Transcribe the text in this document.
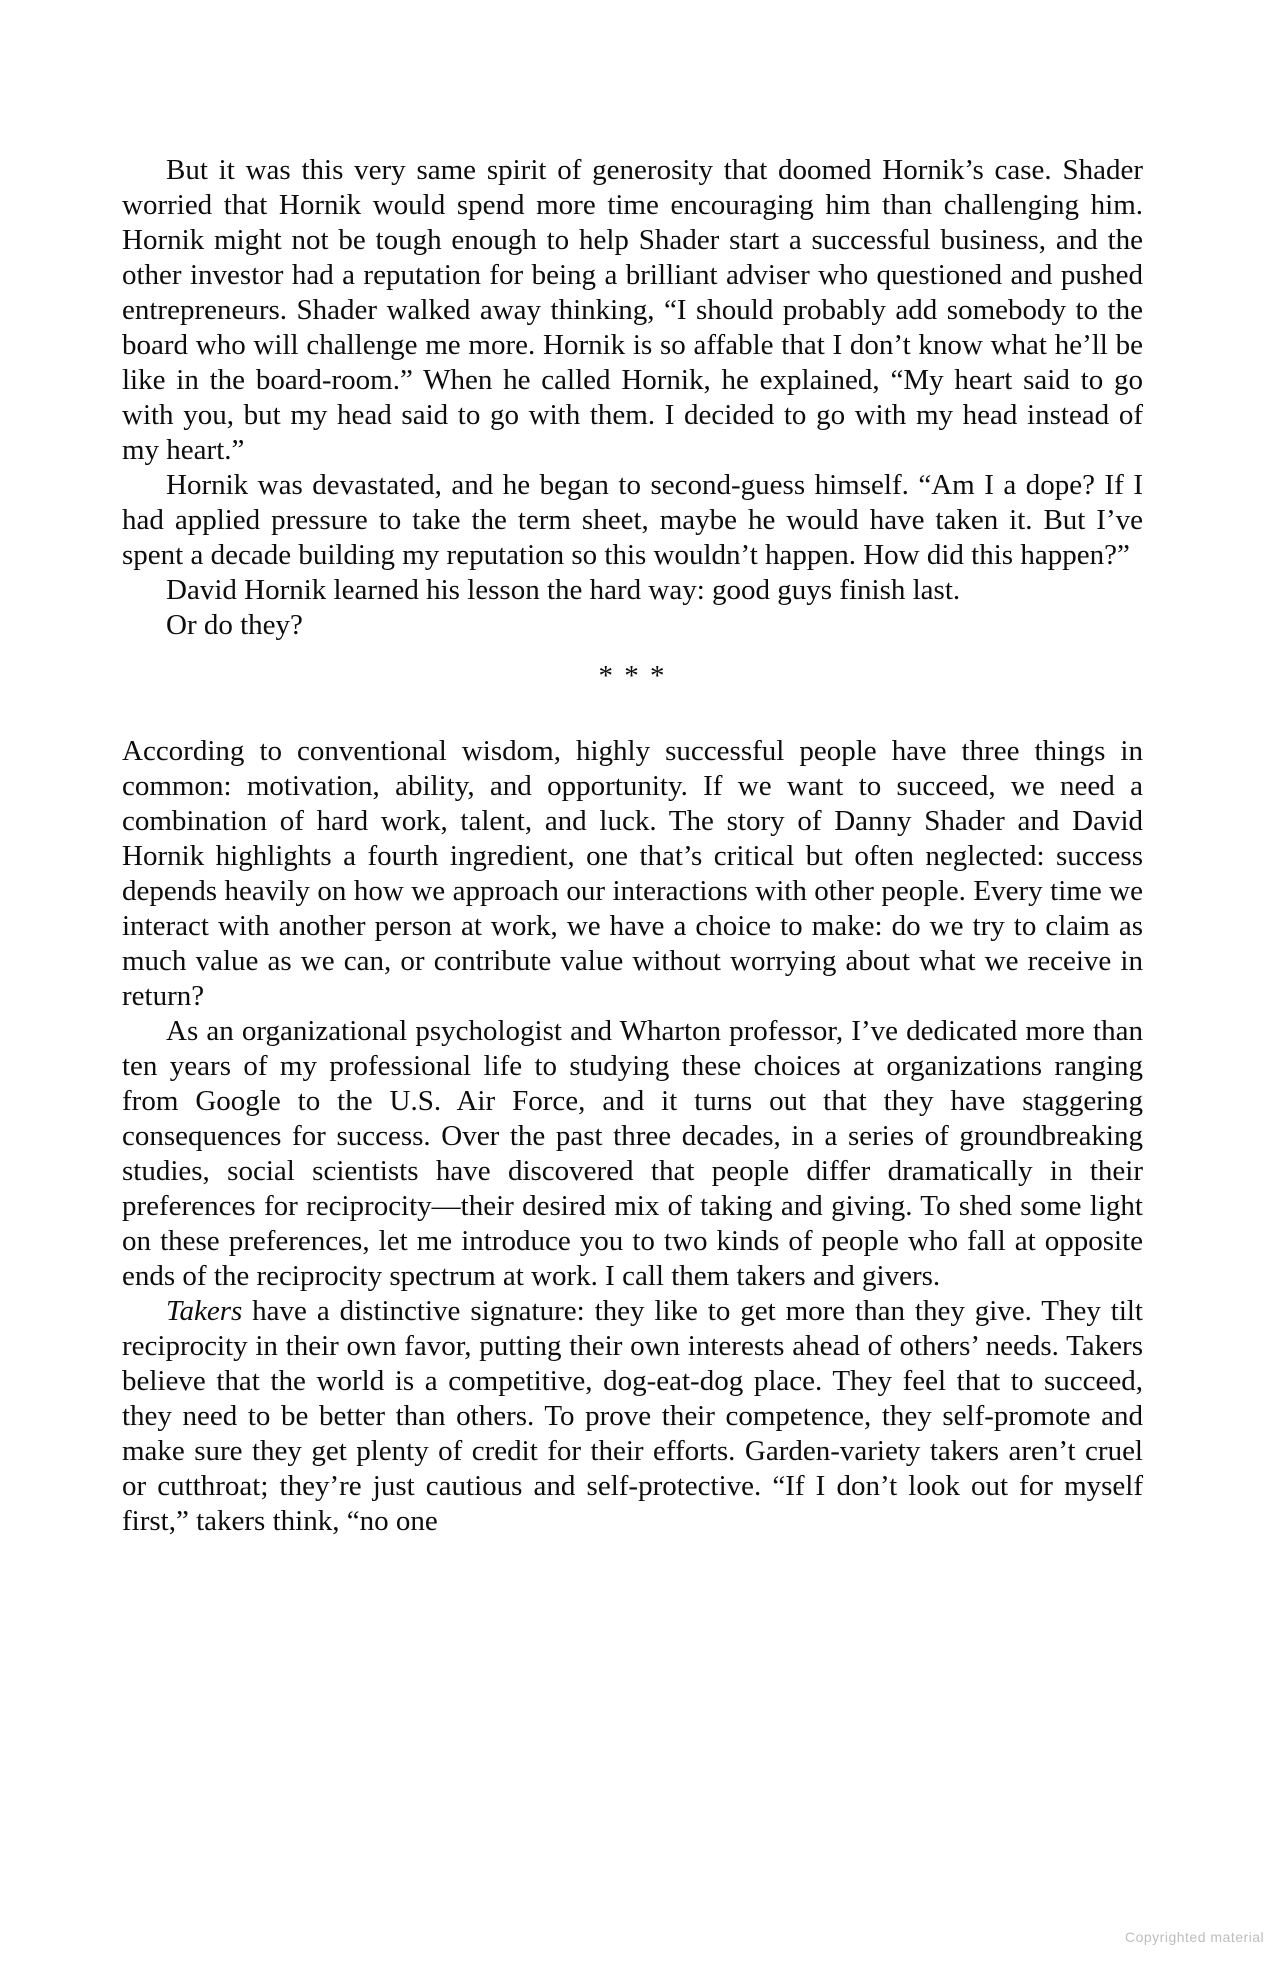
But it was this very same spirit of generosity that doomed Hornik’s case. Shader worried that Hornik would spend more time encouraging him than challenging him. Hornik might not be tough enough to help Shader start a successful business, and the other investor had a reputation for being a brilliant adviser who questioned and pushed entrepreneurs. Shader walked away thinking, “I should probably add somebody to the board who will challenge me more. Hornik is so affable that I don’t know what he’ll be like in the board-room.” When he called Hornik, he explained, “My heart said to go with you, but my head said to go with them. I decided to go with my head instead of my heart.”

Hornik was devastated, and he began to second-guess himself. “Am I a dope? If I had applied pressure to take the term sheet, maybe he would have taken it. But I’ve spent a decade building my reputation so this wouldn’t happen. How did this happen?”

David Hornik learned his lesson the hard way: good guys finish last.

Or do they?

* * *

According to conventional wisdom, highly successful people have three things in common: motivation, ability, and opportunity. If we want to succeed, we need a combination of hard work, talent, and luck. The story of Danny Shader and David Hornik highlights a fourth ingredient, one that’s critical but often neglected: success depends heavily on how we approach our interactions with other people. Every time we interact with another person at work, we have a choice to make: do we try to claim as much value as we can, or contribute value without worrying about what we receive in return?

As an organizational psychologist and Wharton professor, I’ve dedicated more than ten years of my professional life to studying these choices at organizations ranging from Google to the U.S. Air Force, and it turns out that they have staggering consequences for success. Over the past three decades, in a series of groundbreaking studies, social scientists have discovered that people differ dramatically in their preferences for reciprocity—their desired mix of taking and giving. To shed some light on these preferences, let me introduce you to two kinds of people who fall at opposite ends of the reciprocity spectrum at work. I call them takers and givers.

Takers have a distinctive signature: they like to get more than they give. They tilt reciprocity in their own favor, putting their own interests ahead of others’ needs. Takers believe that the world is a competitive, dog-eat-dog place. They feel that to succeed, they need to be better than others. To prove their competence, they self-promote and make sure they get plenty of credit for their efforts. Garden-variety takers aren’t cruel or cutthroat; they’re just cautious and self-protective. “If I don’t look out for myself first,” takers think, “no one

Copyrighted material
